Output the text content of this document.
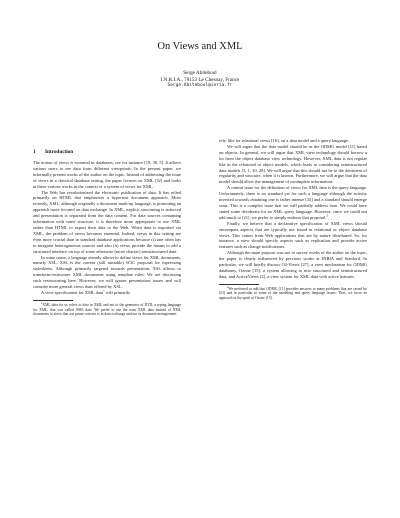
On Views and XML
Serge Abiteboul
I.N.R.I.A., 78153 Le Chesnay, France
Serge.Abiteboul@inria.fr
1 Introduction

The notion of views is essential in databases, see for instance [19, 30, 5]. It allows various users to see data from different viewpoints. In the present paper, we informally present works of the author on the topic. Instead of addressing the issue of views in a classical database setting, the paper focuses on XML [32] and looks at these various works in the context of a system of views for XML.

The Web has revolutionized the electronic publication of data. It has relied primarily on HTML that emphasizes a hypertext document approach. More recently, XML, although originally a document mark-up language, is promoting an approach more focused on data exchange. In XML, explicit structuring is enforced and presentation is separated from the data content. For data sources containing information with some structure, it is therefore more appropriate to use XML rather than HTML to export their data to the Web. When data is exported via XML, the problem of views becomes essential. Indeed, views in this setting are even more crucial than in standard database applications because (i) one often has to integrate heterogeneous sources and also (ii) views provide the means to add a structured interface on top of some otherwise (more chaotic) semistructured data.

In some sense, a language already allows to define views for XML documents, namely XSL. XSL is the current (still unstable) W3C proposal for expressing stylesheets. Although primarily targeted towards presentation, XSL allows to transform/restructure XML documents using template rules. We are discussing such restructuring here. However, we will ignore presentation issues and will consider more general views than offered by XSL.

A view specification for XML data$^1$ will primarily

$^1$XML data for us refers to data in XML and not to the generator of DTD, a typing language for XML, that was called XML data. We prefer to use the term XML data instead of XML documents to stress that our prime concern is in data exchange and not in document management.

rely, like for relational views [16], on a data model and a query language.

We will argue that the data model should be as the ODMG model [11] based on objects. In general, we will argue that XML view technology should borrow a lot from the object database view technology. However, XML data is not regular like in the relational or object models, which leads to considering semistructured data models [3, 1, 10, 28]. We will argue that this should not be to the detriment of regularity and structure, when it is known. Furthermore, we will argue that the data model should allow the management of incomplete information.

A central issue for the definition of views for XML data is the query language. Unfortunately, there is no standard yet for such a language although the activity invested towards obtaining one is rather intense [33] and a standard should emerge soon. This is a complex issue that we will partially address here. We could have stated some desiderata for an XML query language. However, since we could not add much to [21], we prefer to simply endorse that proposal.$^2$

Finally, we believe that a declarative specification of XML views should encompass aspects that are typically not found in relational or object database views. This comes from Web applications that are by nature distributed. So, for instance, a view should specify aspects such as replication and provide active features such as change notifications.

Although the main purpose was not to survey works of the author on the topic, the paper is clearly influenced by previous works at INRIA and Stanford. In particular, we will briefly discuss O2-Views [27], a view mechanism for ODMG databases, Ozone [15], a system allowing to mix structured and semistructured data, and ActiveViews [2], a view system for XML data with active features.

$^2$We preferred to add that ODMG [11] provides answers to many problems that are raised by [21] and in particular to some of the modeling and query language issues. Thus, we favor an approach in the spirit of Ozone [15].
